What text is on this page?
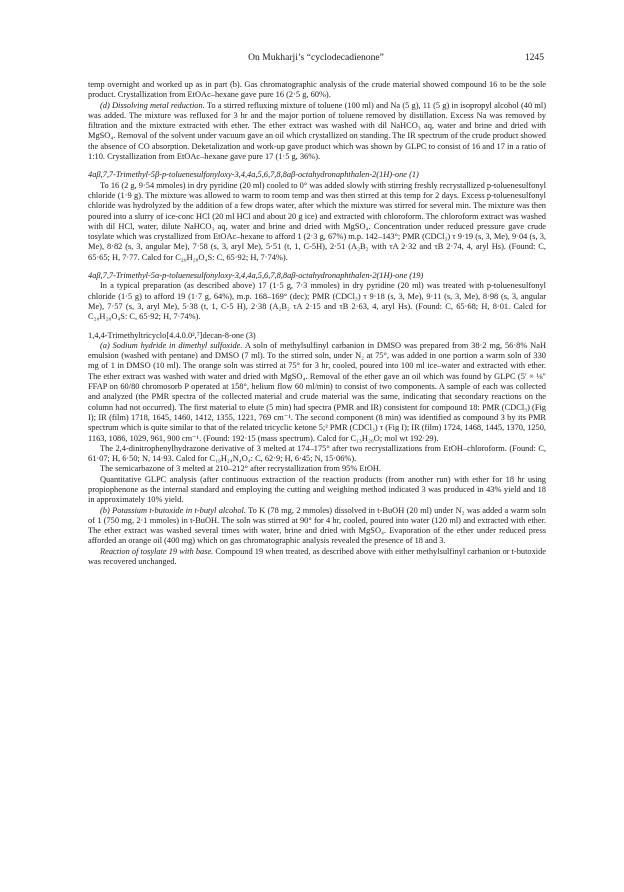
On Mukharji’s “cyclodecadienone”	1245

temp overnight and worked up as in part (b). Gas chromatographic analysis of the crude material showed compound 16 to be the sole product. Crystallization from EtOAc–hexane gave pure 16 (2·5 g, 60%).

(d) Dissolving metal reduction. To a stirred refluxing mixture of toluene (100 ml) and Na (5 g), 11 (5 g) in isopropyl alcohol (40 ml) was added. The mixture was refluxed for 3 hr and the major portion of toluene removed by distillation. Excess Na was removed by filtration and the mixture extracted with ether. The ether extract was washed with dil NaHCO₃ aq, water and brine and dried with MgSO₄. Removal of the solvent under vacuum gave an oil which crystallized on standing. The IR spectrum of the crude product showed the absence of CO absorption. Deketalization and work-up gave product which was shown by GLPC to consist of 16 and 17 in a ratio of 1:10. Crystallization from EtOAc–hexane gave pure 17 (1·5 g, 36%).

4aβ,7,7-Trimethyl-5β-p-toluenesulfonyloxy-3,4,4a,5,6,7,8,8aβ-octahydronaphthalen-2(1H)-one (1)

To 16 (2 g, 9·54 mmoles) in dry pyridine (20 ml) cooled to 0° was added slowly with stirring freshly recrystallized p-toluenesulfonyl chloride (1·9 g). The mixture was allowed to warm to room temp and was then stirred at this temp for 2 days. Excess p-toluenesulfonyl chloride was hydrolyzed by the addition of a few drops water, after which the mixture was stirred for several min. The mixture was then poured into a slurry of ice-conc HCl (20 ml HCl and about 20 g ice) and extracted with chloroform. The chloroform extract was washed with dil HCl, water, dilute NaHCO₃ aq, water and brine and dried with MgSO₄. Concentration under reduced pressure gave crude tosylate which was crystallized from EtOAc–hexane to afford 1 (2·3 g, 67%) m.p. 142–143°; PMR (CDCl₃) τ 9·19 (s, 3, Me), 9·04 (s, 3, Me), 8·82 (s, 3, angular Me), 7·58 (s, 3, aryl Me), 5·51 (t, 1, C-5H), 2·51 (A₂B₂ with τA 2·32 and τB 2·74, 4, aryl Hs). (Found: C, 65·65; H, 7·77. Calcd for C₂₀H₂₈O₄S: C, 65·92; H, 7·74%).

4aβ,7,7-Trimethyl-5α-p-toluenesulfonyloxy-3,4,4a,5,6,7,8,8aβ-octahydronaphthalen-2(1H)-one (19)

In a typical preparation (as described above) 17 (1·5 g, 7·3 mmoles) in dry pyridine (20 ml) was treated with p-toluenesulfonyl chloride (1·5 g) to afford 19 (1·7 g, 64%), m.p. 168–169° (dec); PMR (CDCl₃) τ 9·18 (s, 3, Me), 9·11 (s, 3, Me), 8·98 (s, 3, angular Me), 7·57 (s, 3, aryl Me), 5·38 (t, 1, C-5 H), 2·38 (A₂B₂ τA 2·15 and τB 2·63, 4, aryl Hs). (Found: C, 65·68; H, 8·01. Calcd for C₂₀H₂₈O₄S: C, 65·92; H, 7·74%).

1,4,4-Trimethyltricyclo[4.4.0.0²,⁷]decan-8-one (3)

(a) Sodium hydride in dimethyl sulfoxide. A soln of methylsulfinyl carbanion in DMSO was prepared from 38·2 mg, 56·8% NaH emulsion (washed with pentane) and DMSO (7 ml). To the stirred soln, under N₂ at 75°, was added in one portion a warm soln of 330 mg of 1 in DMSO (10 ml). The orange soln was stirred at 75° for 3 hr, cooled, poured into 100 ml ice–water and extracted with ether. The ether extract was washed with water and dried with MgSO₄. Removal of the ether gave an oil which was found by GLPC (5′ × ⅛″ FFAP on 60/80 chromosorb P operated at 158°, helium flow 60 ml/min) to consist of two components. A sample of each was collected and analyzed (the PMR spectra of the collected material and crude material was the same, indicating that secondary reactions on the column had not occurred). The first material to elute (5 min) had spectra (PMR and IR) consistent for compound 18: PMR (CDCl₃) (Fig I); IR (film) 1718, 1645, 1460, 1412, 1355, 1221, 769 cm⁻¹. The second component (8 min) was identified as compound 3 by its PMR spectrum which is quite similar to that of the related tricyclic ketone 5;² PMR (CDCl₃) τ (Fig I); IR (film) 1724, 1468, 1445, 1370, 1250, 1163, 1086, 1029, 961, 900 cm⁻¹. (Found: 192·15 (mass spectrum). Calcd for C₁₃H₂₀O; mol wt 192·29).

The 2,4-dinitrophenylhydrazone derivative of 3 melted at 174–175° after two recrystallizations from EtOH–chloroform. (Found: C, 61·07; H, 6·50; N, 14·93. Calcd for C₁₉H₂₄N₄O₄: C, 62·9; H, 6·45; N, 15·06%).

The semicarbazone of 3 melted at 210–212° after recrystallization from 95% EtOH.

Quantitative GLPC analysis (after continuous extraction of the reaction products (from another run) with ether for 18 hr using propiophenone as the internal standard and employing the cutting and weighing method indicated 3 was produced in 43% yield and 18 in approximately 10% yield.

(b) Potassium t-butoxide in t-butyl alcohol. To K (78 mg, 2 mmoles) dissolved in t-BuOH (20 ml) under N₂ was added a warm soln of 1 (750 mg, 2·1 mmoles) in t-BuOH. The soln was stirred at 90° for 4 hr, cooled, poured into water (120 ml) and extracted with ether. The ether extract was washed several times with water, brine and dried with MgSO₄. Evaporation of the ether under reduced press afforded an orange oil (400 mg) which on gas chromatographic analysis revealed the presence of 18 and 3.

Reaction of tosylate 19 with base. Compound 19 when treated, as described above with either methylsulfinyl carbanion or t-butoxide was recovered unchanged.
